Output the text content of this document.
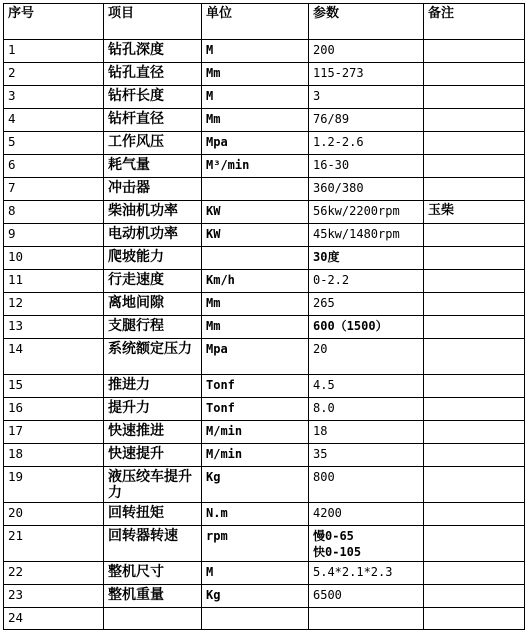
序号	项目	单位	参数	备注
1	钻孔深度	M	200	
2	钻孔直径	Mm	115-273	
3	钻杆长度	M	3	
4	钻杆直径	Mm	76/89	
5	工作风压	Mpa	1.2-2.6	
6	耗气量	M³/min	16-30	
7	冲击器		360/380	
8	柴油机功率	KW	56kw/2200rpm	玉柴
9	电动机功率	KW	45kw/1480rpm	
10	爬坡能力		30度	
11	行走速度	Km/h	0-2.2	
12	离地间隙	Mm	265	
13	支腿行程	Mm	600（1500）	
14	系统额定压力	Mpa	20	
15	推进力	Tonf	4.5	
16	提升力	Tonf	8.0	
17	快速推进	M/min	18	
18	快速提升	M/min	35	
19	液压绞车提升力	Kg	800	
20	回转扭矩	N.m	4200	
21	回转器转速	rpm	慢0-65
快0-105	
22	整机尺寸	M	5.4*2.1*2.3	
23	整机重量	Kg	6500	
24				
